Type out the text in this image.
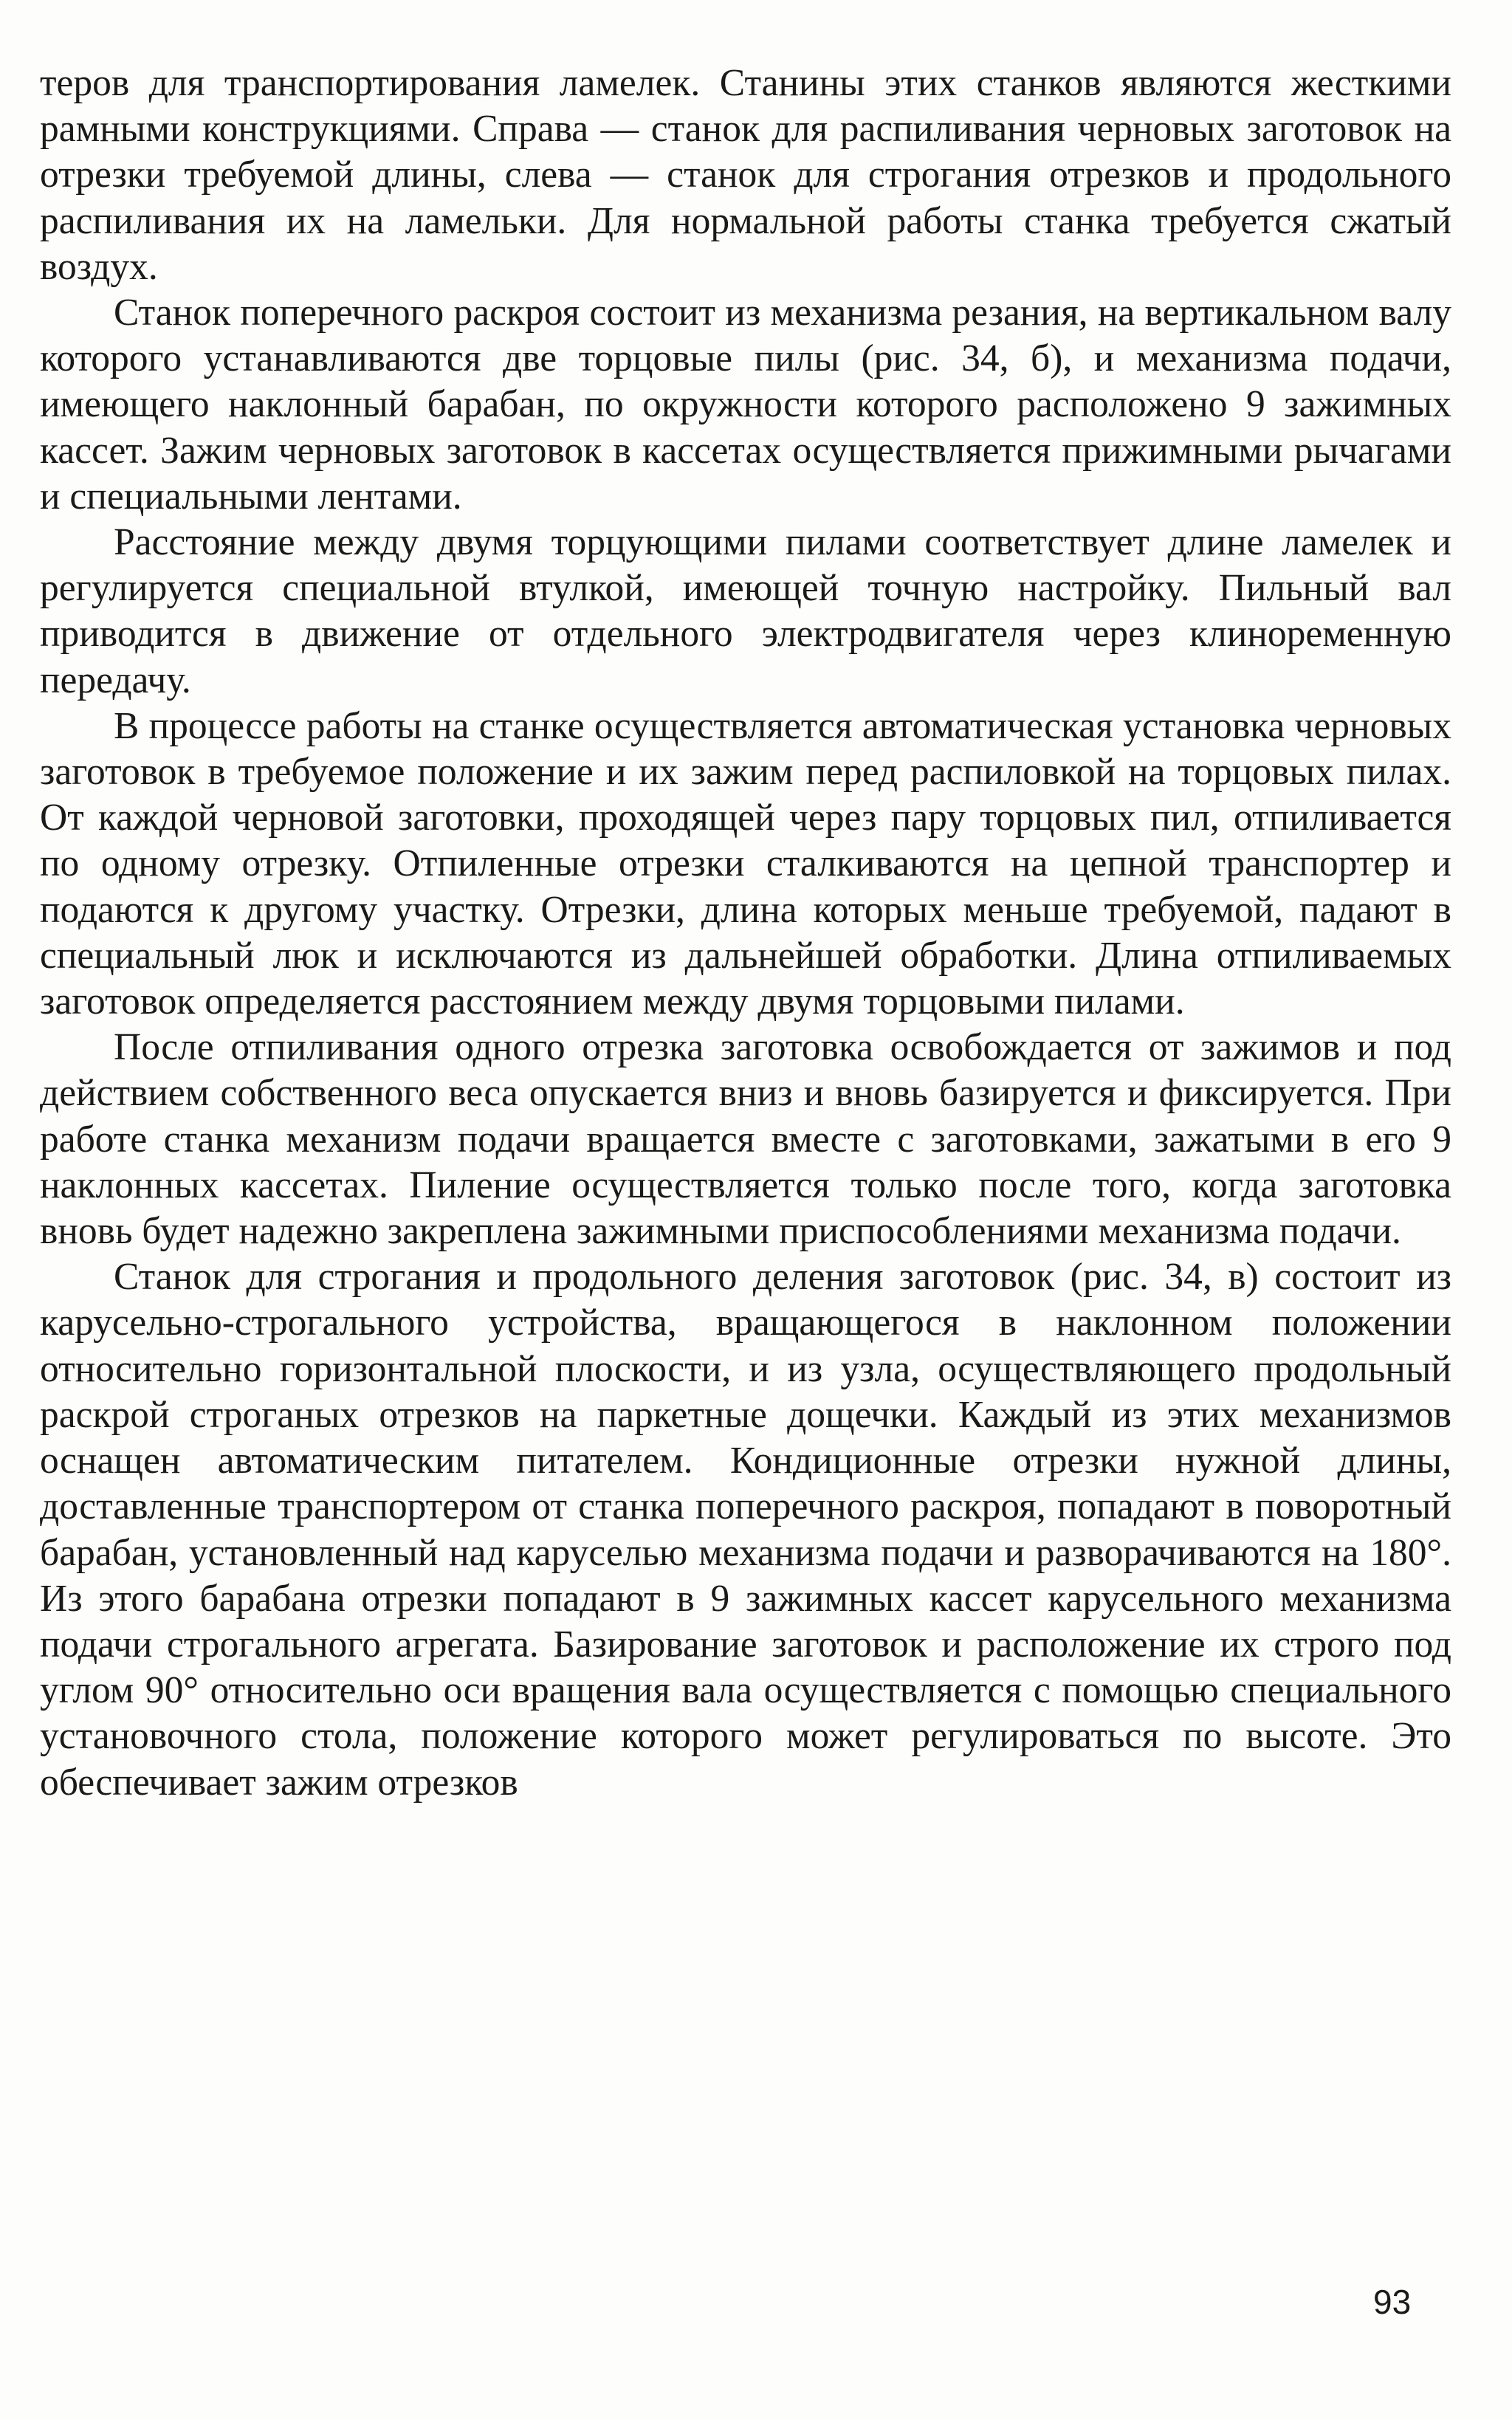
теров для транспортирования ламелек. Станины этих станков являются жесткими рамными конструкциями. Справа — станок для распиливания черновых заготовок на отрезки требуемой длины, слева — станок для строгания отрезков и продольного распиливания их на ламельки. Для нормальной работы станка требуется сжатый воздух.

Станок поперечного раскроя состоит из механизма резания, на вертикальном валу которого устанавливаются две торцовые пилы (рис. 34, б), и механизма подачи, имеющего наклонный барабан, по окружности которого расположено 9 зажимных кассет. Зажим черновых заготовок в кассетах осуществляется прижимными рычагами и специальными лентами.

Расстояние между двумя торцующими пилами соответствует длине ламелек и регулируется специальной втулкой, имеющей точную настройку. Пильный вал приводится в движение от отдельного электродвигателя через клиноременную передачу.

В процессе работы на станке осуществляется автоматическая установка черновых заготовок в требуемое положение и их зажим перед распиловкой на торцовых пилах. От каждой черновой заготовки, проходящей через пару торцовых пил, отпиливается по одному отрезку. Отпиленные отрезки сталкиваются на цепной транспортер и подаются к другому участку. Отрезки, длина которых меньше требуемой, падают в специальный люк и исключаются из дальнейшей обработки. Длина отпиливаемых заготовок определяется расстоянием между двумя торцовыми пилами.

После отпиливания одного отрезка заготовка освобождается от зажимов и под действием собственного веса опускается вниз и вновь базируется и фиксируется. При работе станка механизм подачи вращается вместе с заготовками, зажатыми в его 9 наклонных кассетах. Пиление осуществляется только после того, когда заготовка вновь будет надежно закреплена зажимными приспособлениями механизма подачи.

Станок для строгания и продольного деления заготовок (рис. 34, в) состоит из карусельно-строгального устройства, вращающегося в наклонном положении относительно горизонтальной плоскости, и из узла, осуществляющего продольный раскрой строганых отрезков на паркетные дощечки. Каждый из этих механизмов оснащен автоматическим питателем. Кондиционные отрезки нужной длины, доставленные транспортером от станка поперечного раскроя, попадают в поворотный барабан, установленный над каруселью механизма подачи и разворачиваются на 180°. Из этого барабана отрезки попадают в 9 зажимных кассет карусельного механизма подачи строгального агрегата. Базирование заготовок и расположение их строго под углом 90° относительно оси вращения вала осуществляется с помощью специального установочного стола, положение которого может регулироваться по высоте. Это обеспечивает зажим отрезков

93
